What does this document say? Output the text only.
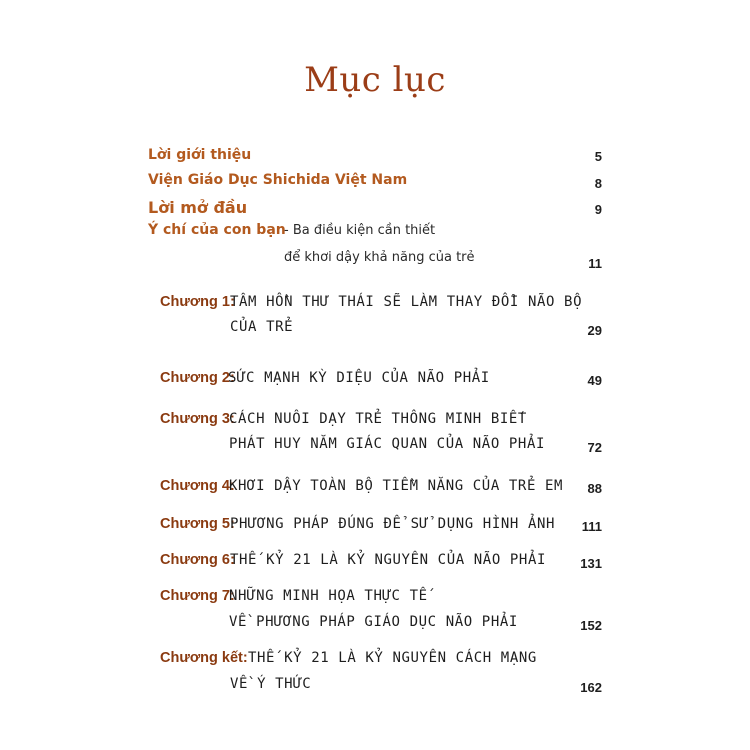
Mục lục
Lời giới thiệu	5
Viện Giáo Dục Shichida Việt Nam	8
Lời mở đầu	9
Ý chí của con bạn
- Ba điều kiện cần thiết
để khơi dậy khả năng của trẻ	11
Chương 1:
TÂM HỒN THƯ THÁI SẼ LÀM THAY ĐỔI NÃO BỘ
CỦA TRẺ	29
Chương 2:
SỨC MẠNH KỲ DIỆU CỦA NÃO PHẢI	49
Chương 3:
CÁCH NUÔI DẠY TRẺ THÔNG MINH BIẾT
PHÁT HUY NĂM GIÁC QUAN CỦA NÃO PHẢI	72
Chương 4:
KHƠI DẬY TOÀN BỘ TIỀM NĂNG CỦA TRẺ EM 88
Chương 5:
PHƯƠNG PHÁP ĐÚNG ĐỂ SỬ DỤNG HÌNH ẢNH 111
Chương 6:
THẾ KỶ 21 LÀ KỶ NGUYÊN CỦA NÃO PHẢI	131
Chương 7:
NHỮNG MINH HỌA THỰC TẾ
VỀ PHƯƠNG PHÁP GIÁO DỤC NÃO PHẢI	152
Chương kết: THẾ KỶ 21 LÀ KỶ NGUYÊN CÁCH MẠNG
VỀ Ý THỨC	162
